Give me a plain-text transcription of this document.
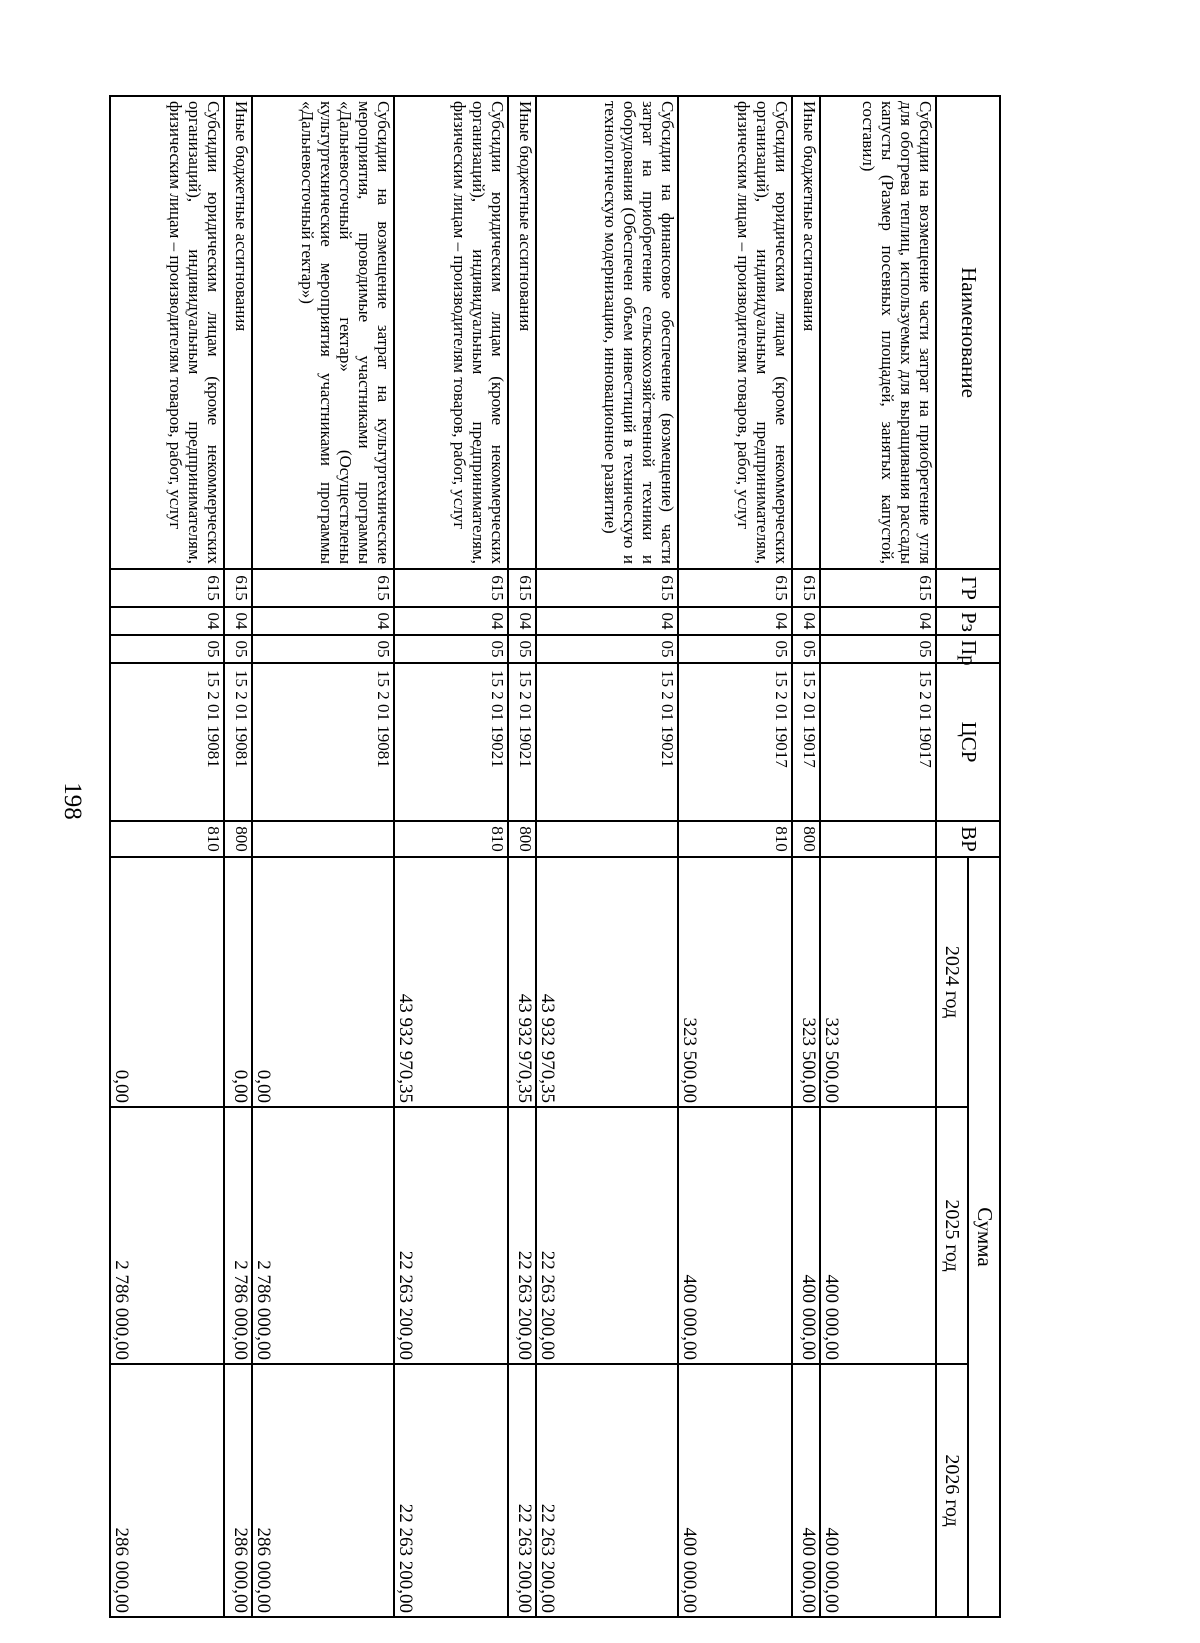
198
Наименование	ГР	Рз	Пр	ЦСР	ВР	Сумма		
						2024 год	2025 год	2026 год
Субсидии на возмещение части затрат на приобретение угля для обогрева теплиц, используемых для выращивания рассады капусты (Размер посевных площадей, занятых капустой, составил)	615	04	05	15 2 01 19017		323 500,00	400 000,00	400 000,00
Иные бюджетные ассигнования	615	04	05	15 2 01 19017	800	323 500,00	400 000,00	400 000,00
Субсидии юридическим лицам (кроме некоммерческих организаций), индивидуальным предпринимателям, физическим лицам – производителям товаров, работ, услуг	615	04	05	15 2 01 19017	810	323 500,00	400 000,00	400 000,00
Субсидии на финансовое обеспечение (возмещение) части затрат на приобретение сельскохозяйственной техники и оборудования (Обеспечен объем инвестиций в техническую и технологическую модернизацию, инновационное развитие)	615	04	05	15 2 01 19021		43 932 970,35	22 263 200,00	22 263 200,00
Иные бюджетные ассигнования	615	04	05	15 2 01 19021	800	43 932 970,35	22 263 200,00	22 263 200,00
Субсидии юридическим лицам (кроме некоммерческих организаций), индивидуальным предпринимателям, физическим лицам – производителям товаров, работ, услуг	615	04	05	15 2 01 19021	810	43 932 970,35	22 263 200,00	22 263 200,00
Субсидии на возмещение затрат на культуртехнические мероприятия, проводимые участниками программы «Дальневосточный гектар» (Осуществлены культуртехнические мероприятия участниками программы «Дальневосточный гектар»)	615	04	05	15 2 01 19081		0,00	2 786 000,00	286 000,00
Иные бюджетные ассигнования	615	04	05	15 2 01 19081	800	0,00	2 786 000,00	286 000,00
Субсидии юридическим лицам (кроме некоммерческих организаций), индивидуальным предпринимателям, физическим лицам – производителям товаров, работ, услуг	615	04	05	15 2 01 19081	810	0,00	2 786 000,00	286 000,00
